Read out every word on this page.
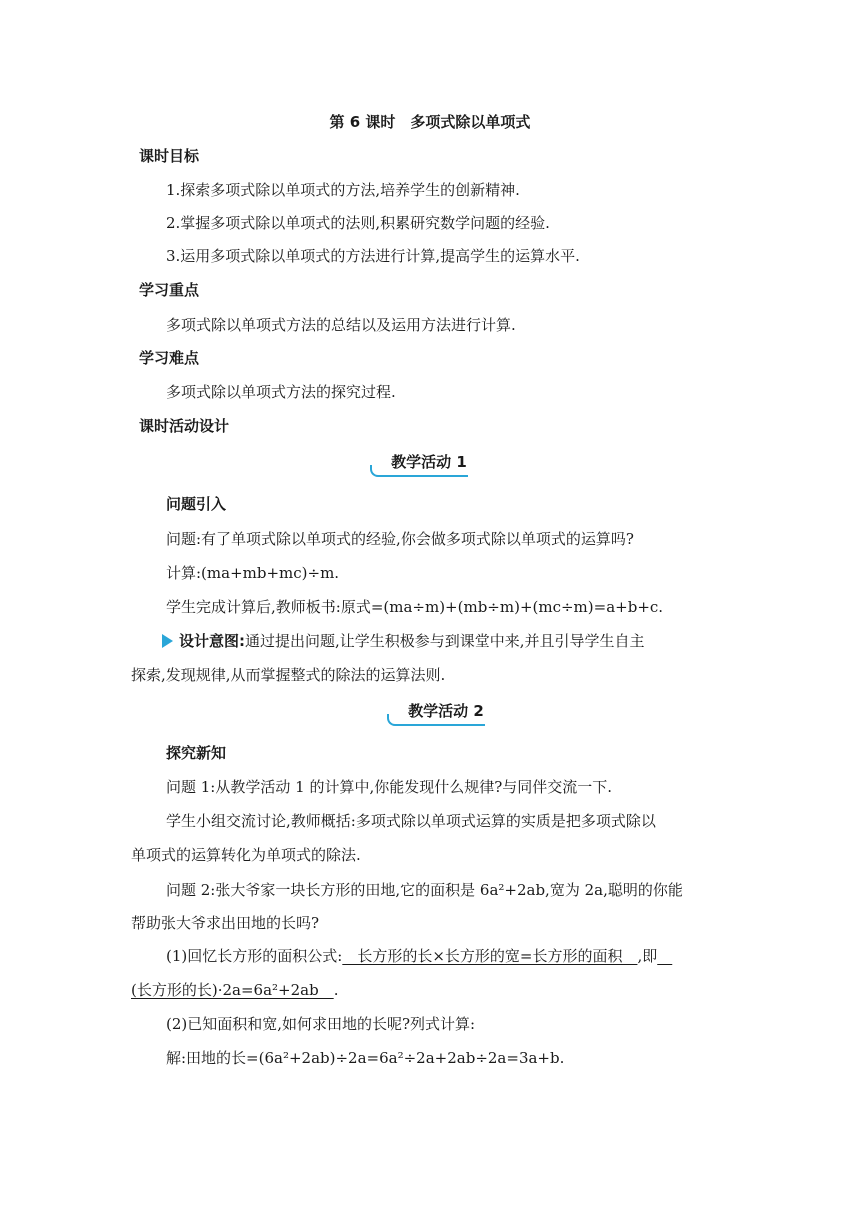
第 6 课时　多项式除以单项式
课时目标
1.探索多项式除以单项式的方法,培养学生的创新精神.
2.掌握多项式除以单项式的法则,积累研究数学问题的经验.
3.运用多项式除以单项式的方法进行计算,提高学生的运算水平.
学习重点
多项式除以单项式方法的总结以及运用方法进行计算.
学习难点
多项式除以单项式方法的探究过程.
课时活动设计
教学活动 1
问题引入
问题:有了单项式除以单项式的经验,你会做多项式除以单项式的运算吗?
计算:(ma+mb+mc)÷m.
学生完成计算后,教师板书:原式=(ma÷m)+(mb÷m)+(mc÷m)=a+b+c.
设计意图:通过提出问题,让学生积极参与到课堂中来,并且引导学生自主
探索,发现规律,从而掌握整式的除法的运算法则.
教学活动 2
探究新知
问题 1:从教学活动 1 的计算中,你能发现什么规律?与同伴交流一下.
学生小组交流讨论,教师概括:多项式除以单项式运算的实质是把多项式除以
单项式的运算转化为单项式的除法.
问题 2:张大爷家一块长方形的田地,它的面积是 6a²+2ab,宽为 2a,聪明的你能
帮助张大爷求出田地的长吗?
(1)回忆长方形的面积公式:　长方形的长×长方形的宽=长方形的面积　,即　
(长方形的长)·2a=6a²+2ab　.
(2)已知面积和宽,如何求田地的长呢?列式计算:
解:田地的长=(6a²+2ab)÷2a=6a²÷2a+2ab÷2a=3a+b.
